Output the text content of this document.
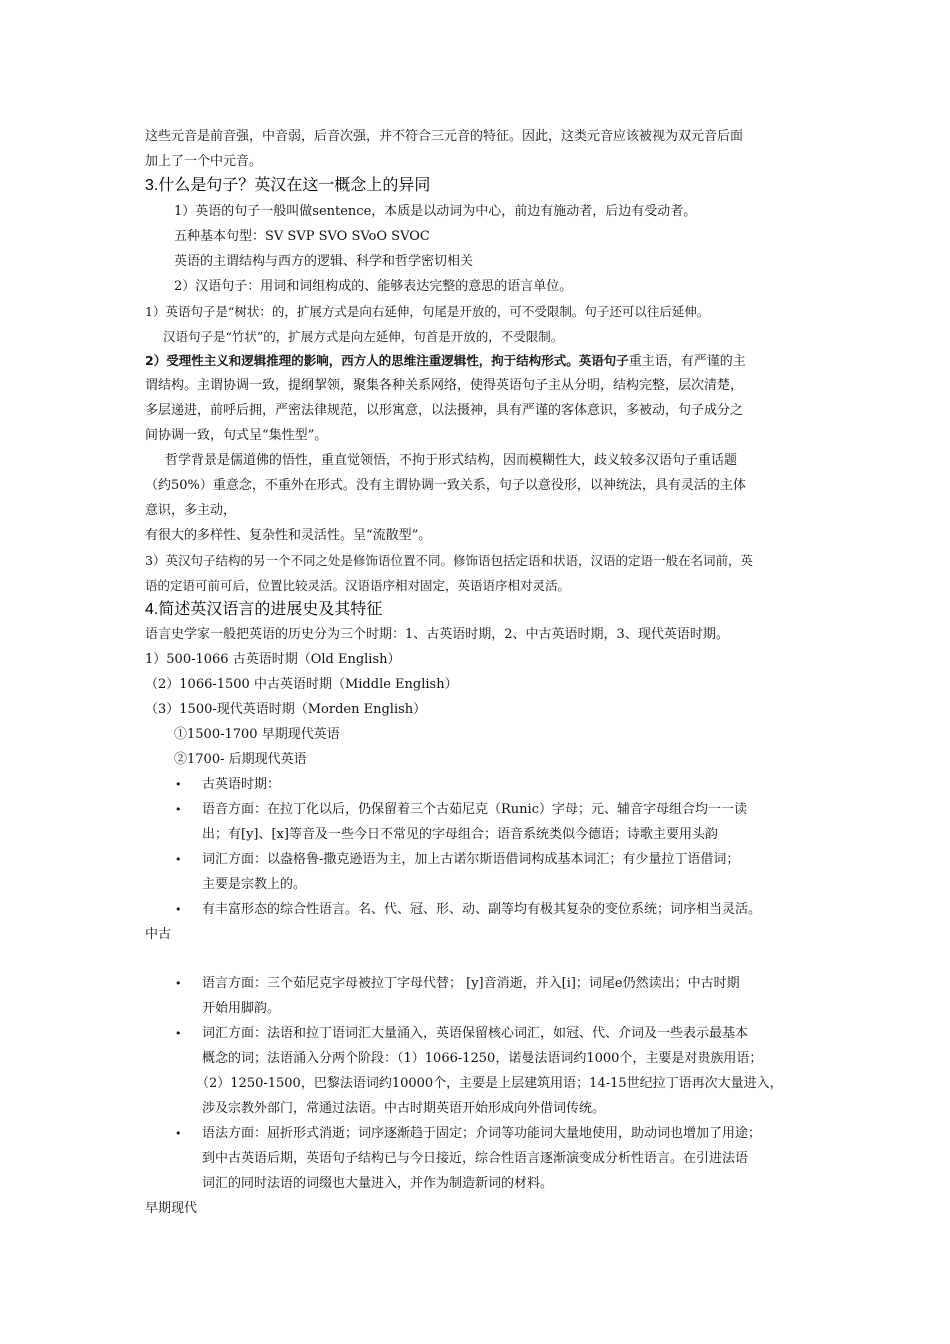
这些元音是前音强，中音弱，后音次强，并不符合三元音的特征。因此，这类元音应该被视为双元音后面
加上了一个中元音。
3.什么是句子？英汉在这一概念上的异同
1）英语的句子一般叫做sentence，本质是以动词为中心，前边有施动者，后边有受动者。
五种基本句型：SV SVP SVO SVoO SVOC
英语的主谓结构与西方的逻辑、科学和哲学密切相关
2）汉语句子：用词和词组构成的、能够表达完整的意思的语言单位。
1）英语句子是“树状：的，扩展方式是向右延伸，句尾是开放的，可不受限制。句子还可以往后延伸。
汉语句子是“竹状”的，扩展方式是向左延伸，句首是开放的，不受限制。
2）受理性主义和逻辑推理的影响，西方人的思维注重逻辑性，拘于结构形式。英语句子重主语，有严谨的主
谓结构。主谓协调一致，提纲挈领，聚集各种关系网络，使得英语句子主从分明，结构完整，层次清楚，
多层递进，前呼后拥，严密法律规范，以形寓意，以法摄神，具有严谨的客体意识，多被动，句子成分之
间协调一致，句式呈“集性型”。
哲学背景是儒道佛的悟性，重直觉领悟，不拘于形式结构，因而模糊性大，歧义较多汉语句子重话题
（约50%）重意念，不重外在形式。没有主谓协调一致关系，句子以意役形，以神统法，具有灵活的主体
意识，多主动，
有很大的多样性、复杂性和灵活性。呈“流散型”。
3）英汉句子结构的另一个不同之处是修饰语位置不同。修饰语包括定语和状语，汉语的定语一般在名词前，英
语的定语可前可后，位置比较灵活。汉语语序相对固定，英语语序相对灵活。
4.简述英汉语言的进展史及其特征
语言史学家一般把英语的历史分为三个时期：1、古英语时期，2、中古英语时期，3、现代英语时期。
1）500-1066 古英语时期（Old English）
（2）1066-1500 中古英语时期（Middle English）
（3）1500-现代英语时期（Morden English）
①1500-1700 早期现代英语
②1700- 后期现代英语
• 古英语时期：
• 语音方面：在拉丁化以后，仍保留着三个古茹尼克（Runic）字母；元、辅音字母组合均一一读
出；有[y]、[x]等音及一些今日不常见的字母组合；语音系统类似今德语；诗歌主要用头韵
• 词汇方面：以盎格鲁-撒克逊语为主，加上古诺尔斯语借词构成基本词汇；有少量拉丁语借词；
主要是宗教上的。
• 有丰富形态的综合性语言。名、代、冠、形、动、副等均有极其复杂的变位系统；词序相当灵活。
中古
• 语言方面：三个茹尼克字母被拉丁字母代替； [y]音消逝，并入[i]；词尾e仍然读出；中古时期
开始用脚韵。
• 词汇方面：法语和拉丁语词汇大量涌入，英语保留核心词汇，如冠、代、介词及一些表示最基本
概念的词；法语涌入分两个阶段：（1）1066-1250，诺曼法语词约1000个，主要是对贵族用语；
（2）1250-1500，巴黎法语词约10000个，主要是上层建筑用语；14-15世纪拉丁语再次大量进入，
涉及宗教外部门，常通过法语。中古时期英语开始形成向外借词传统。
• 语法方面：屈折形式消逝；词序逐渐趋于固定；介词等功能词大量地使用，助动词也增加了用途；
到中古英语后期，英语句子结构已与今日接近，综合性语言逐渐演变成分析性语言。在引进法语
词汇的同时法语的词缀也大量进入，并作为制造新词的材料。
早期现代
